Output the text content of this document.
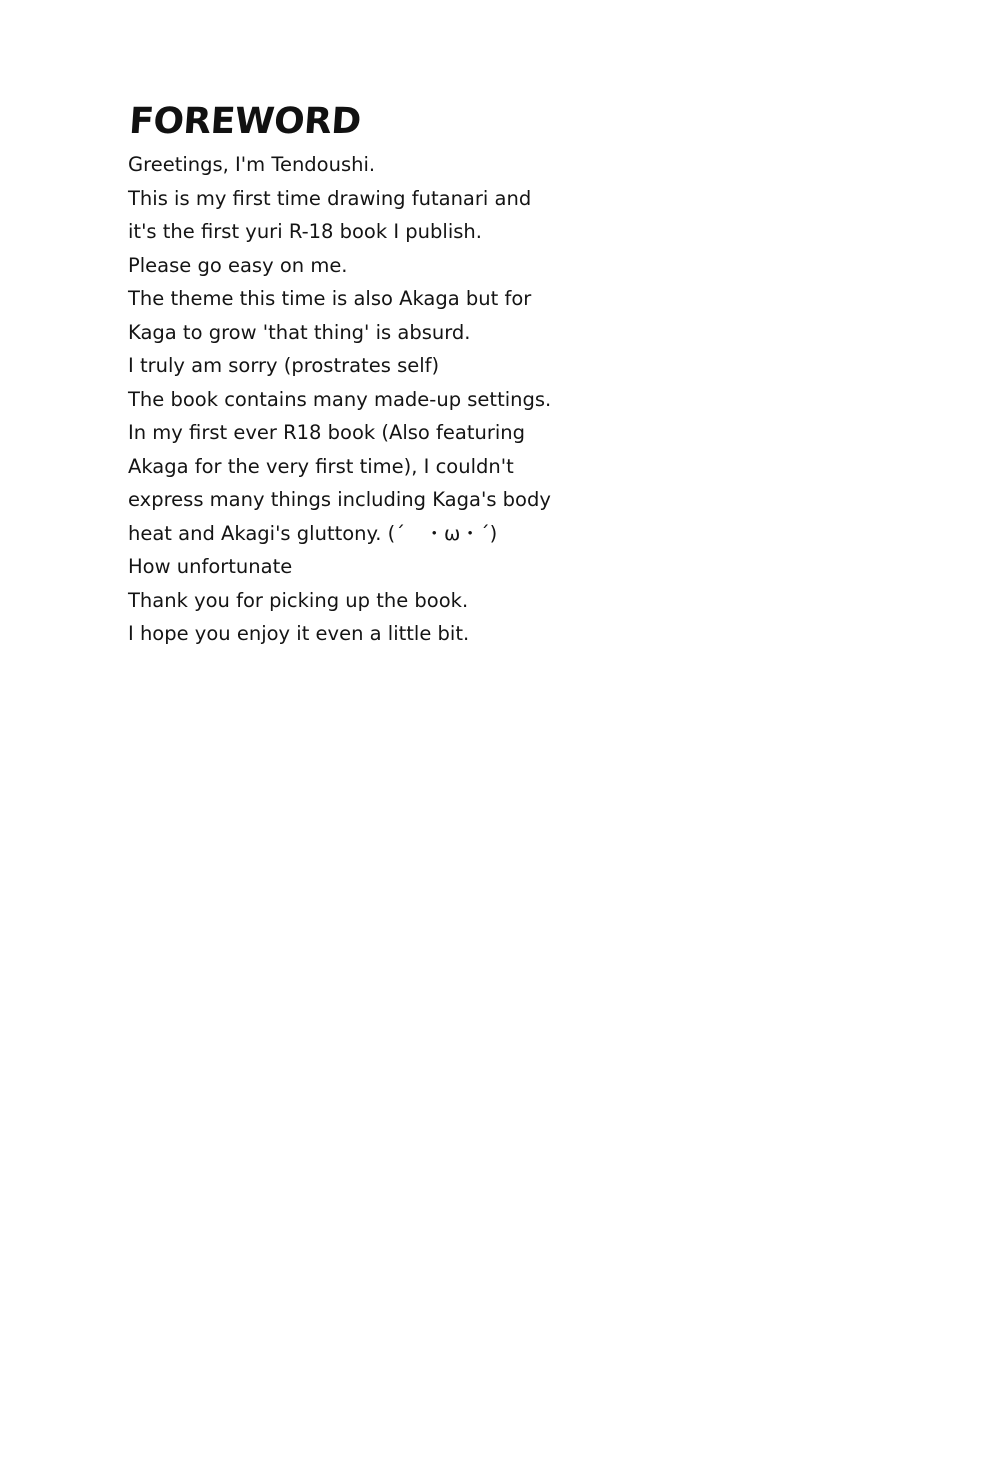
FOREWORD
Greetings, I'm Tendoushi.
This is my first time drawing futanari and
it's the first yuri R-18 book I publish.
Please go easy on me.
The theme this time is also Akaga but for
Kaga to grow 'that thing' is absurd.
I truly am sorry (prostrates self)
The book contains many made-up settings.
In my first ever R18 book (Also featuring
Akaga for the very first time), I couldn't
express many things including Kaga's body
heat and Akagi's gluttony. (´　・ω・´)
How unfortunate
Thank you for picking up the book.
I hope you enjoy it even a little bit.
